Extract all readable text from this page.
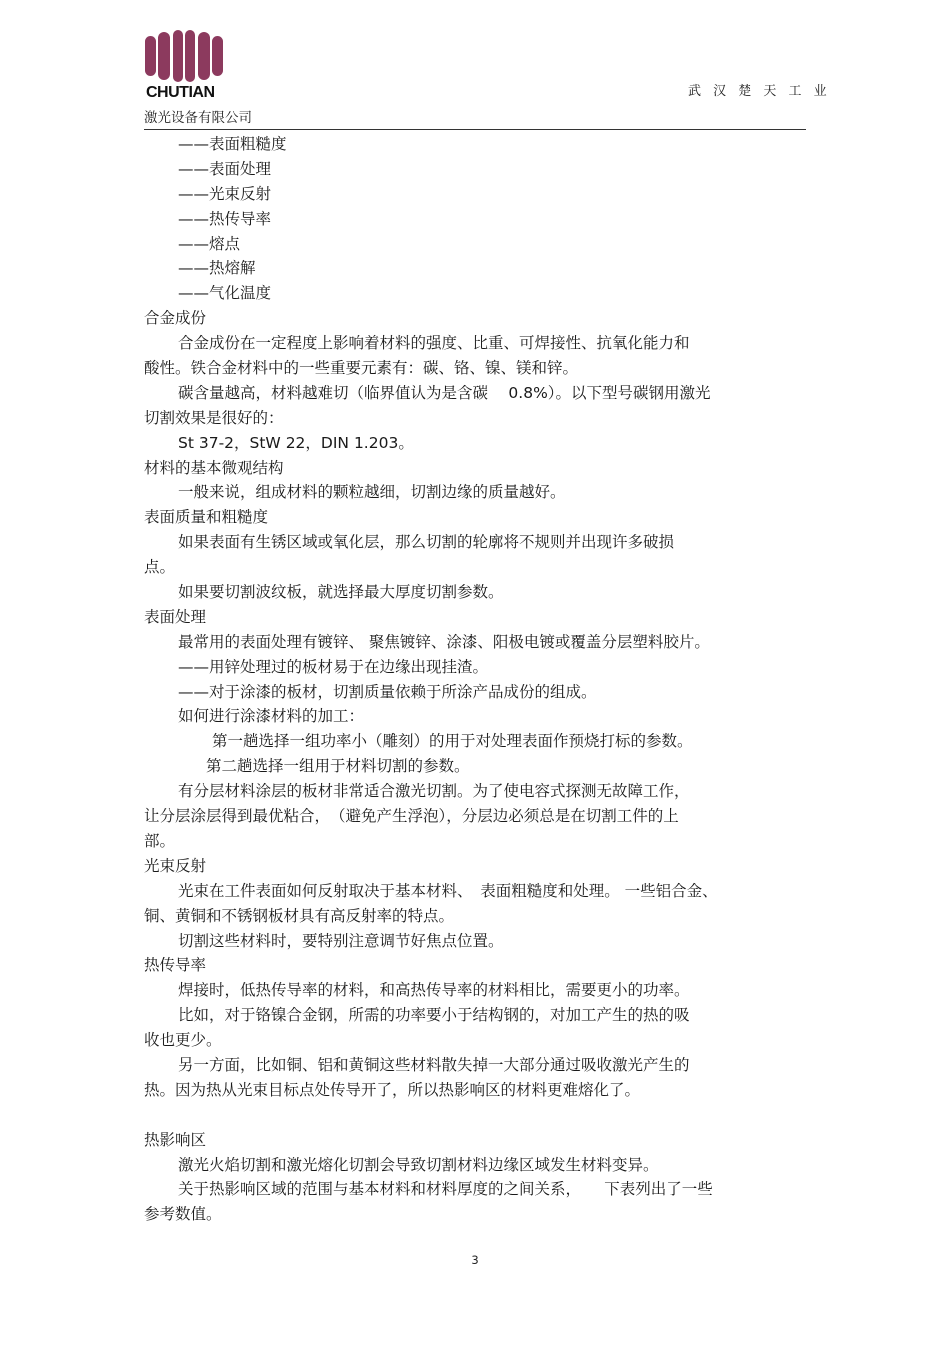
CHUTIAN
激光设备有限公司
武 汉 楚 天 工 业
——表面粗糙度
——表面处理
——光束反射
——热传导率
——熔点
——热熔解
——气化温度
合金成份
合金成份在一定程度上影响着材料的强度、比重、可焊接性、抗氧化能力和
酸性。铁合金材料中的一些重要元素有：碳、铬、镍、镁和锌。
碳含量越高，材料越难切（临界值认为是含碳　 0.8%）。以下型号碳钢用激光
切割效果是很好的：
St 37-2，StW 22，DIN 1.203。
材料的基本微观结构
一般来说，组成材料的颗粒越细，切割边缘的质量越好。
表面质量和粗糙度
如果表面有生锈区域或氧化层，那么切割的轮廓将不规则并出现许多破损
点。
如果要切割波纹板，就选择最大厚度切割参数。
表面处理
最常用的表面处理有镀锌、 聚焦镀锌、涂漆、阳极电镀或覆盖分层塑料胶片。
——用锌处理过的板材易于在边缘出现挂渣。
——对于涂漆的板材，切割质量依赖于所涂产品成份的组成。
如何进行涂漆材料的加工：
第一趟选择一组功率小（雕刻）的用于对处理表面作预烧打标的参数。
第二趟选择一组用于材料切割的参数。
有分层材料涂层的板材非常适合激光切割。为了使电容式探测无故障工作，
让分层涂层得到最优粘合，　（避免产生浮泡），分层边必须总是在切割工件的上
部。
光束反射
光束在工件表面如何反射取决于基本材料、　表面粗糙度和处理。 一些铝合金、
铜、黄铜和不锈钢板材具有高反射率的特点。
切割这些材料时，要特别注意调节好焦点位置。
热传导率
焊接时，低热传导率的材料，和高热传导率的材料相比，需要更小的功率。
比如，对于铬镍合金钢，所需的功率要小于结构钢的，对加工产生的热的吸
收也更少。
另一方面，比如铜、铝和黄铜这些材料散失掉一大部分通过吸收激光产生的
热。因为热从光束目标点处传导开了，所以热影响区的材料更难熔化了。
热影响区
激光火焰切割和激光熔化切割会导致切割材料边缘区域发生材料变异。
关于热影响区域的范围与基本材料和材料厚度的之间关系，　　下表列出了一些
参考数值。
3
